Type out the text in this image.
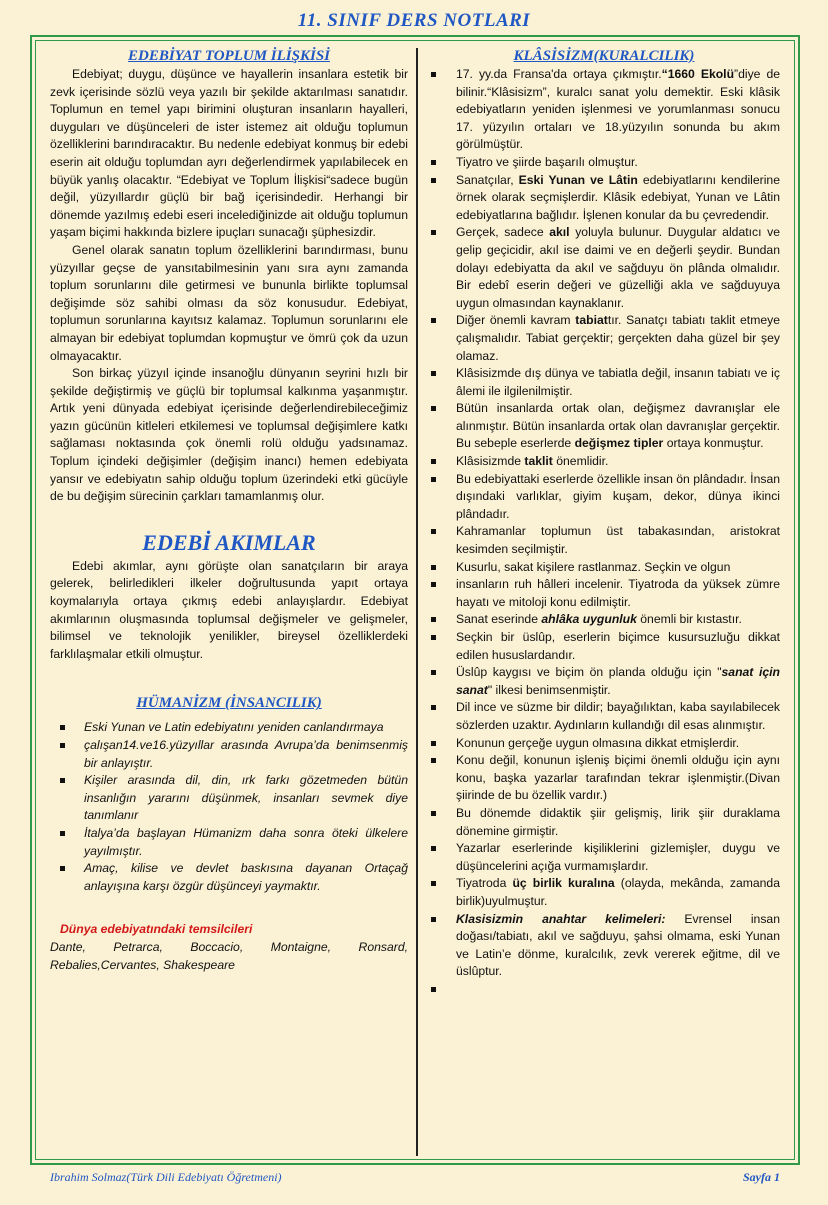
11. SINIF DERS NOTLARI
EDEBİYAT TOPLUM İLİŞKİSİ

Edebiyat; duygu, düşünce ve hayallerin insanlara estetik bir zevk içerisinde sözlü veya yazılı bir şekilde aktarılması sanatıdır. Toplumun en temel yapı birimini oluşturan insanların hayalleri, duyguları ve düşünceleri de ister istemez ait olduğu toplumun özelliklerini barındıracaktır. Bu nedenle edebiyat konmuş bir edebi eserin ait olduğu toplumdan ayrı değerlendirmek yapılabilecek en büyük yanlış olacaktır. “Edebiyat ve Toplum İlişkisi“sadece bugün değil, yüzyıllardır güçlü bir bağ içerisindedir. Herhangi bir dönemde yazılmış edebi eseri incelediğinizde ait olduğu toplumun yaşam biçimi hakkında bizlere ipuçları sunacağı şüphesizdir.

Genel olarak sanatın toplum özelliklerini barındırması, bunu yüzyıllar geçse de yansıtabilmesinin yanı sıra aynı zamanda toplum sorunlarını dile getirmesi ve bununla birlikte toplumsal değişimde söz sahibi olması da söz konusudur. Edebiyat, toplumun sorunlarına kayıtsız kalamaz. Toplumun sorunlarını ele almayan bir edebiyat toplumdan kopmuştur ve ömrü çok da uzun olmayacaktır.

Son birkaç yüzyıl içinde insanoğlu dünyanın seyrini hızlı bir şekilde değiştirmiş ve güçlü bir toplumsal kalkınma yaşanmıştır. Artık yeni dünyada edebiyat içerisinde değerlendirebileceğimiz yazın gücünün kitleleri etkilemesi ve toplumsal değişimlere katkı sağlaması noktasında çok önemli rolü olduğu yadsınamaz. Toplum içindeki değişimler (değişim inancı) hemen edebiyata yansır ve edebiyatın sahip olduğu toplum üzerindeki etki gücüyle de bu değişim sürecinin çarkları tamamlanmış olur.

EDEBİ AKIMLAR

Edebi akımlar, aynı görüşte olan sanatçıların bir araya gelerek, belirledikleri ilkeler doğrultusunda yapıt ortaya koymalarıyla ortaya çıkmış edebi anlayışlardır. Edebiyat akımlarının oluşmasında toplumsal değişmeler ve gelişmeler, bilimsel ve teknolojik yenilikler, bireysel özelliklerdeki farklılaşmalar etkili olmuştur.

HÜMANİZM (İNSANCILIK)
Eski Yunan ve Latin edebiyatını yeniden canlandırmaya
çalışan14.ve16.yüzyıllar arasında Avrupa’da benimsenmiş bir anlayıştır.
Kişiler arasında dil, din, ırk farkı gözetmeden bütün insanlığın yararını düşünmek, insanları sevmek diye tanımlanır
İtalya’da başlayan Hümanizm daha sonra öteki ülkelere yayılmıştır.
Amaç, kilise ve devlet baskısına dayanan Ortaçağ anlayışına karşı özgür düşünceyi yaymaktır.
Dünya edebiyatındaki temsilcileri
Dante, Petrarca, Boccacio, Montaigne, Ronsard, Rebalies,Cervantes, Shakespeare
KLÂSİSİZM(KURALCILIK)
17. yy.da Fransa'da ortaya çıkmıştır.“1660 Ekolü”diye de bilinir.“Klâsisizm”, kuralcı sanat yolu demektir. Eski klâsik edebiyatların yeniden işlenmesi ve yorumlanması sonucu 17. yüzyılın ortaları ve 18.yüzyılın sonunda bu akım görülmüştür.
Tiyatro ve şiirde başarılı olmuştur.
Sanatçılar, Eski Yunan ve Lâtin edebiyatlarını kendilerine örnek olarak seçmişlerdir. Klâsik edebiyat, Yunan ve Lâtin edebiyatlarına bağlıdır. İşlenen konular da bu çevredendir.
Gerçek, sadece akıl yoluyla bulunur. Duygular aldatıcı ve gelip geçicidir, akıl ise daimi ve en değerli şeydir. Bundan dolayı edebiyatta da akıl ve sağduyu ön plânda olmalıdır. Bir edebî eserin değeri ve güzelliği akla ve sağduyuya uygun olmasından kaynaklanır.
Diğer önemli kavram tabiattır. Sanatçı tabiatı taklit etmeye çalışmalıdır. Tabiat gerçektir; gerçekten daha güzel bir şey olamaz.
Klâsisizmde dış dünya ve tabiatla değil, insanın tabiatı ve iç âlemi ile ilgilenilmiştir.
Bütün insanlarda ortak olan, değişmez davranışlar ele alınmıştır. Bütün insanlarda ortak olan davranışlar gerçektir. Bu sebeple eserlerde değişmez tipler ortaya konmuştur.
Klâsisizmde taklit önemlidir.
Bu edebiyattaki eserlerde özellikle insan ön plândadır. İnsan dışındaki varlıklar, giyim kuşam, dekor, dünya ikinci plândadır.
Kahramanlar toplumun üst tabakasından, aristokrat kesimden seçilmiştir.
Kusurlu, sakat kişilere rastlanmaz. Seçkin ve olgun
insanların ruh hâlleri incelenir. Tiyatroda da yüksek zümre hayatı ve mitoloji konu edilmiştir.
Sanat eserinde ahlâka uygunluk önemli bir kıstastır.
Seçkin bir üslûp, eserlerin biçimce kusursuzluğu dikkat edilen hususlardandır.
Üslûp kaygısı ve biçim ön planda olduğu için "sanat için sanat" ilkesi benimsenmiştir.
Dil ince ve süzme bir dildir; bayağılıktan, kaba sayılabilecek sözlerden uzaktır. Aydınların kullandığı dil esas alınmıştır.
Konunun gerçeğe uygun olmasına dikkat etmişlerdir.
Konu değil, konunun işleniş biçimi önemli olduğu için aynı konu, başka yazarlar tarafından tekrar işlenmiştir.(Divan şiirinde de bu özellik vardır.)
Bu dönemde didaktik şiir gelişmiş, lirik şiir duraklama dönemine girmiştir.
Yazarlar eserlerinde kişiliklerini gizlemişler, duygu ve düşüncelerini açığa vurmamışlardır.
Tiyatroda üç birlik kuralına (olayda, mekânda, zamanda birlik)uyulmuştur.
Klasisizmin anahtar kelimeleri: Evrensel insan doğası/tabiatı, akıl ve sağduyu, şahsi olmama, eski Yunan ve Latin’e dönme, kuralcılık, zevk vererek eğitme, dil ve üslûptur.
Ibrahim Solmaz(Türk Dili Edebiyatı Öğretmeni)	Sayfa 1
